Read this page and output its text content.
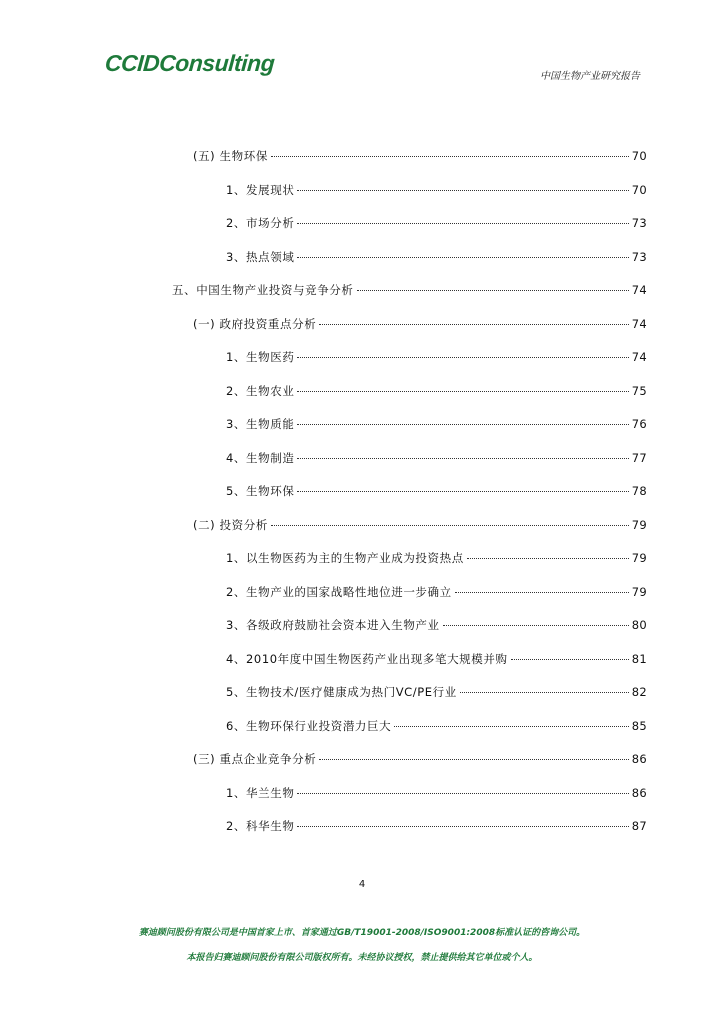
CCIDConsulting
中国生物产业研究报告
(五) 生物环保	70
1、发展现状	70
2、市场分析	73
3、热点领域	73
五、中国生物产业投资与竞争分析	74
(一) 政府投资重点分析	74
1、生物医药	74
2、生物农业	75
3、生物质能	76
4、生物制造	77
5、生物环保	78
(二) 投资分析	79
1、以生物医药为主的生物产业成为投资热点	79
2、生物产业的国家战略性地位进一步确立	79
3、各级政府鼓励社会资本进入生物产业	80
4、2010年度中国生物医药产业出现多笔大规模并购	81
5、生物技术/医疗健康成为热门VC/PE行业	82
6、生物环保行业投资潜力巨大	85
(三) 重点企业竞争分析	86
1、华兰生物	86
2、科华生物	87
4
赛迪顾问股份有限公司是中国首家上市、首家通过GB/T19001-2008/ISO9001:2008标准认证的咨询公司。
本报告归赛迪顾问股份有限公司版权所有。未经协议授权，禁止提供给其它单位或个人。
